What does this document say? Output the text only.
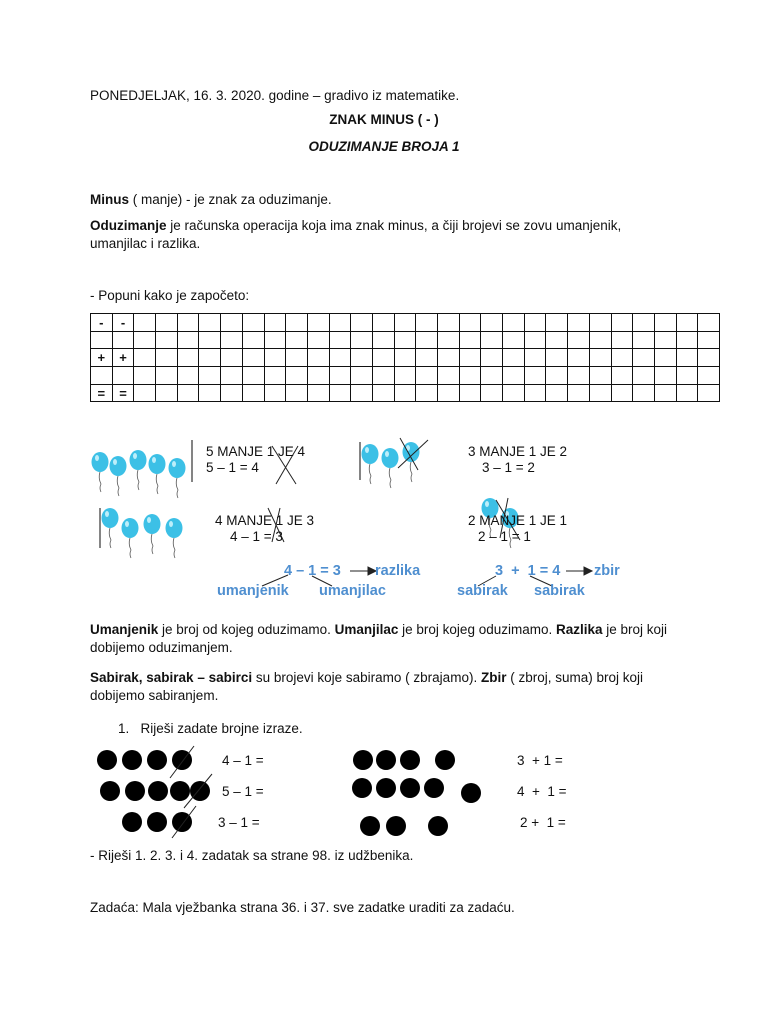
PONEDJELJAK, 16. 3. 2020. godine – gradivo iz matematike.
ZNAK MINUS ( - )
ODUZIMANJE BROJA 1
Minus ( manje) - je znak za oduzimanje.
Oduzimanje je računska operacija koja ima znak minus, a čiji brojevi se zovu umanjenik, umanjilac i razlika.
- Popuni kako je započeto:
-	-																											

+	+																											

=	=																											
5 MANJE 1 JE 4
5 – 1 = 4
3 MANJE 1 JE 2
3 – 1 = 2
4 MANJE 1 JE 3
4 – 1 = 3
2 MANJE 1 JE 1
2 – 1 = 1
4 – 1 = 3 razlika
umanjenik umanjilac
3  +  1 = 4 zbir
sabirak sabirak
Umanjenik je broj od kojeg oduzimamo. Umanjilac je broj kojeg oduzimamo. Razlika je broj koji dobijemo oduzimanjem.
Sabirak, sabirak – sabirci su brojevi koje sabiramo ( zbrajamo). Zbir ( zbroj, suma) broj koji dobijemo sabiranjem.
1.   Riješi zadate brojne izraze.
4 – 1 =
5 – 1 =
3 – 1 =
3  + 1 =
4  +  1 =
2 +  1 =
- Riješi 1. 2. 3. i 4. zadatak sa strane 98. iz udžbenika.
Zadaća: Mala vježbanka strana 36. i 37. sve zadatke uraditi za zadaću.
